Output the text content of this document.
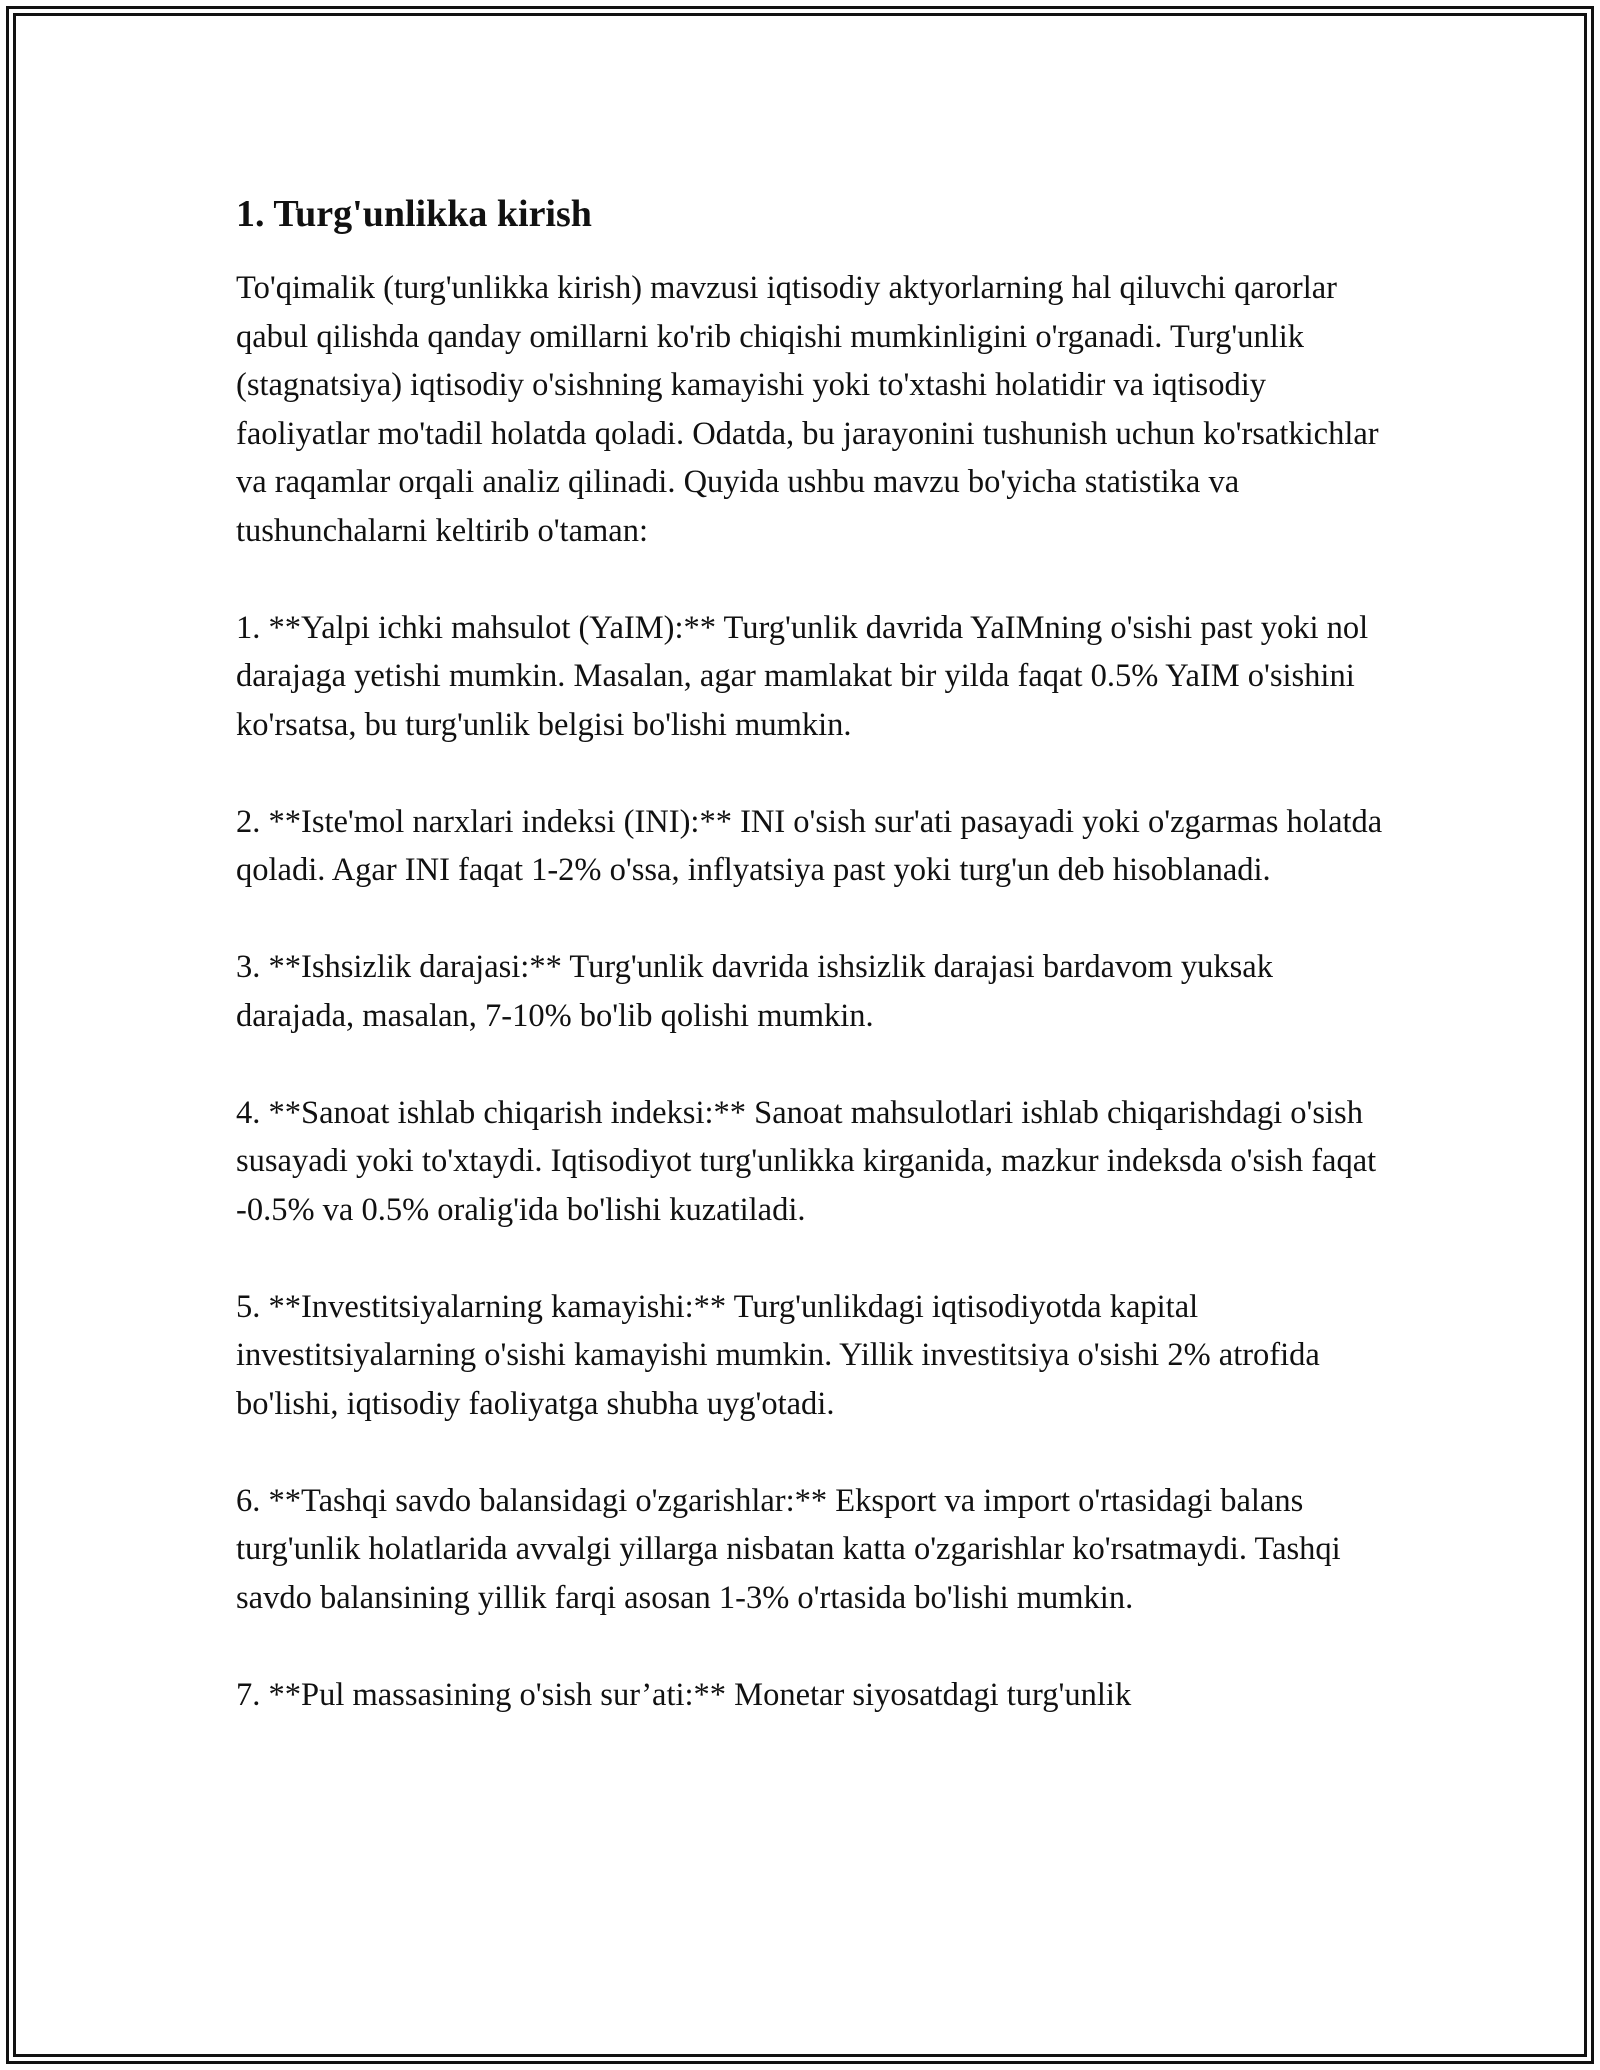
1. Turg'unlikka kirish

To'qimalik (turg'unlikka kirish) mavzusi iqtisodiy aktyorlarning hal qiluvchi qarorlar qabul qilishda qanday omillarni ko'rib chiqishi mumkinligini o'rganadi. Turg'unlik (stagnatsiya) iqtisodiy o'sishning kamayishi yoki to'xtashi holatidir va iqtisodiy faoliyatlar mo'tadil holatda qoladi. Odatda, bu jarayonini tushunish uchun ko'rsatkichlar va raqamlar orqali analiz qilinadi. Quyida ushbu mavzu bo'yicha statistika va tushunchalarni keltirib o'taman:

1. **Yalpi ichki mahsulot (YaIM):** Turg'unlik davrida YaIMning o'sishi past yoki nol darajaga yetishi mumkin. Masalan, agar mamlakat bir yilda faqat 0.5% YaIM o'sishini ko'rsatsa, bu turg'unlik belgisi bo'lishi mumkin.

2. **Iste'mol narxlari indeksi (INI):** INI o'sish sur'ati pasayadi yoki o'zgarmas holatda qoladi. Agar INI faqat 1-2% o'ssa, inflyatsiya past yoki turg'un deb hisoblanadi.

3. **Ishsizlik darajasi:** Turg'unlik davrida ishsizlik darajasi bardavom yuksak darajada, masalan, 7-10% bo'lib qolishi mumkin.

4. **Sanoat ishlab chiqarish indeksi:** Sanoat mahsulotlari ishlab chiqarishdagi o'sish susayadi yoki to'xtaydi. Iqtisodiyot turg'unlikka kirganida, mazkur indeksda o'sish faqat -0.5% va 0.5% oralig'ida bo'lishi kuzatiladi.

5. **Investitsiyalarning kamayishi:** Turg'unlikdagi iqtisodiyotda kapital investitsiyalarning o'sishi kamayishi mumkin. Yillik investitsiya o'sishi 2% atrofida bo'lishi, iqtisodiy faoliyatga shubha uyg'otadi.

6. **Tashqi savdo balansidagi o'zgarishlar:** Eksport va import o'rtasidagi balans turg'unlik holatlarida avvalgi yillarga nisbatan katta o'zgarishlar ko'rsatmaydi. Tashqi savdo balansining yillik farqi asosan 1-3% o'rtasida bo'lishi mumkin.

7. **Pul massasining o'sish sur’ati:** Monetar siyosatdagi turg'unlik
